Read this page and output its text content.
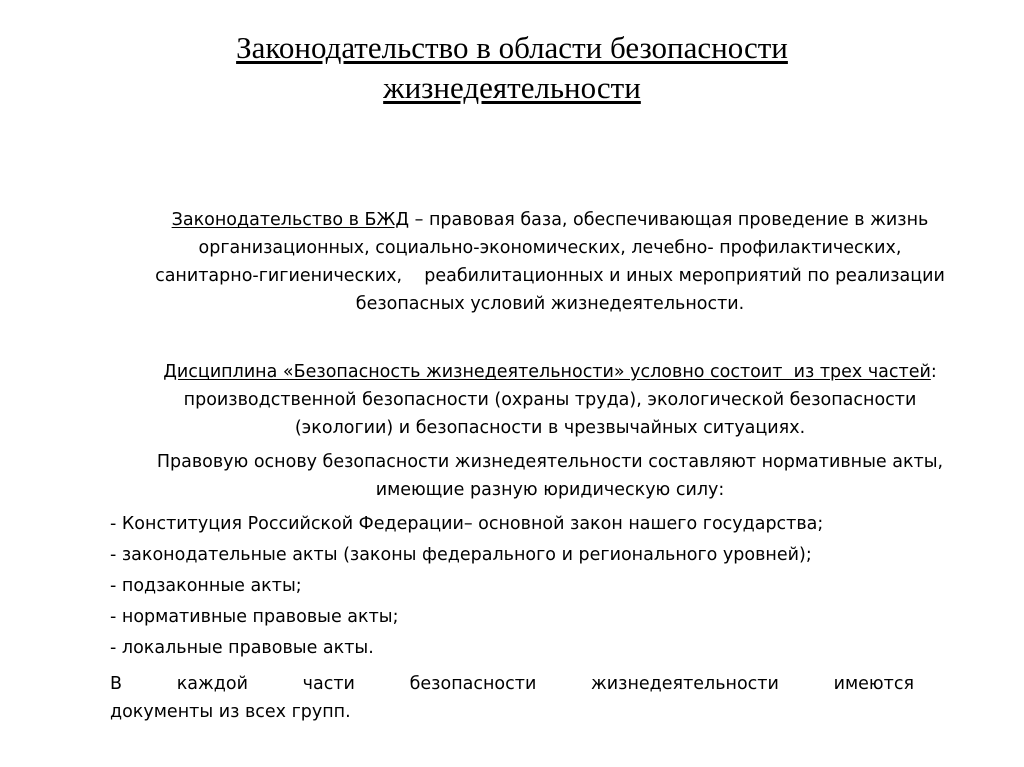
Законодательство в области безопасности
жизнедеятельности
Законодательство в БЖД – правовая база, обеспечивающая проведение в жизнь
организационных, социально-экономических, лечебно- профилактических,
санитарно-гигиенических,    реабилитационных и иных мероприятий по реализации
безопасных условий жизнедеятельности.
Дисциплина «Безопасность жизнедеятельности» условно состоит  из трех частей:
производственной безопасности (охраны труда), экологической безопасности
(экологии) и безопасности в чрезвычайных ситуациях.
Правовую основу безопасности жизнедеятельности составляют нормативные акты,
имеющие разную юридическую силу:
- Конституция Российской Федерации– основной закон нашего государства;
- законодательные акты (законы федерального и регионального уровней);
- подзаконные акты;
- нормативные правовые акты;
- локальные правовые акты.
В каждой части безопасности жизнедеятельности имеются
документы из всех групп.
